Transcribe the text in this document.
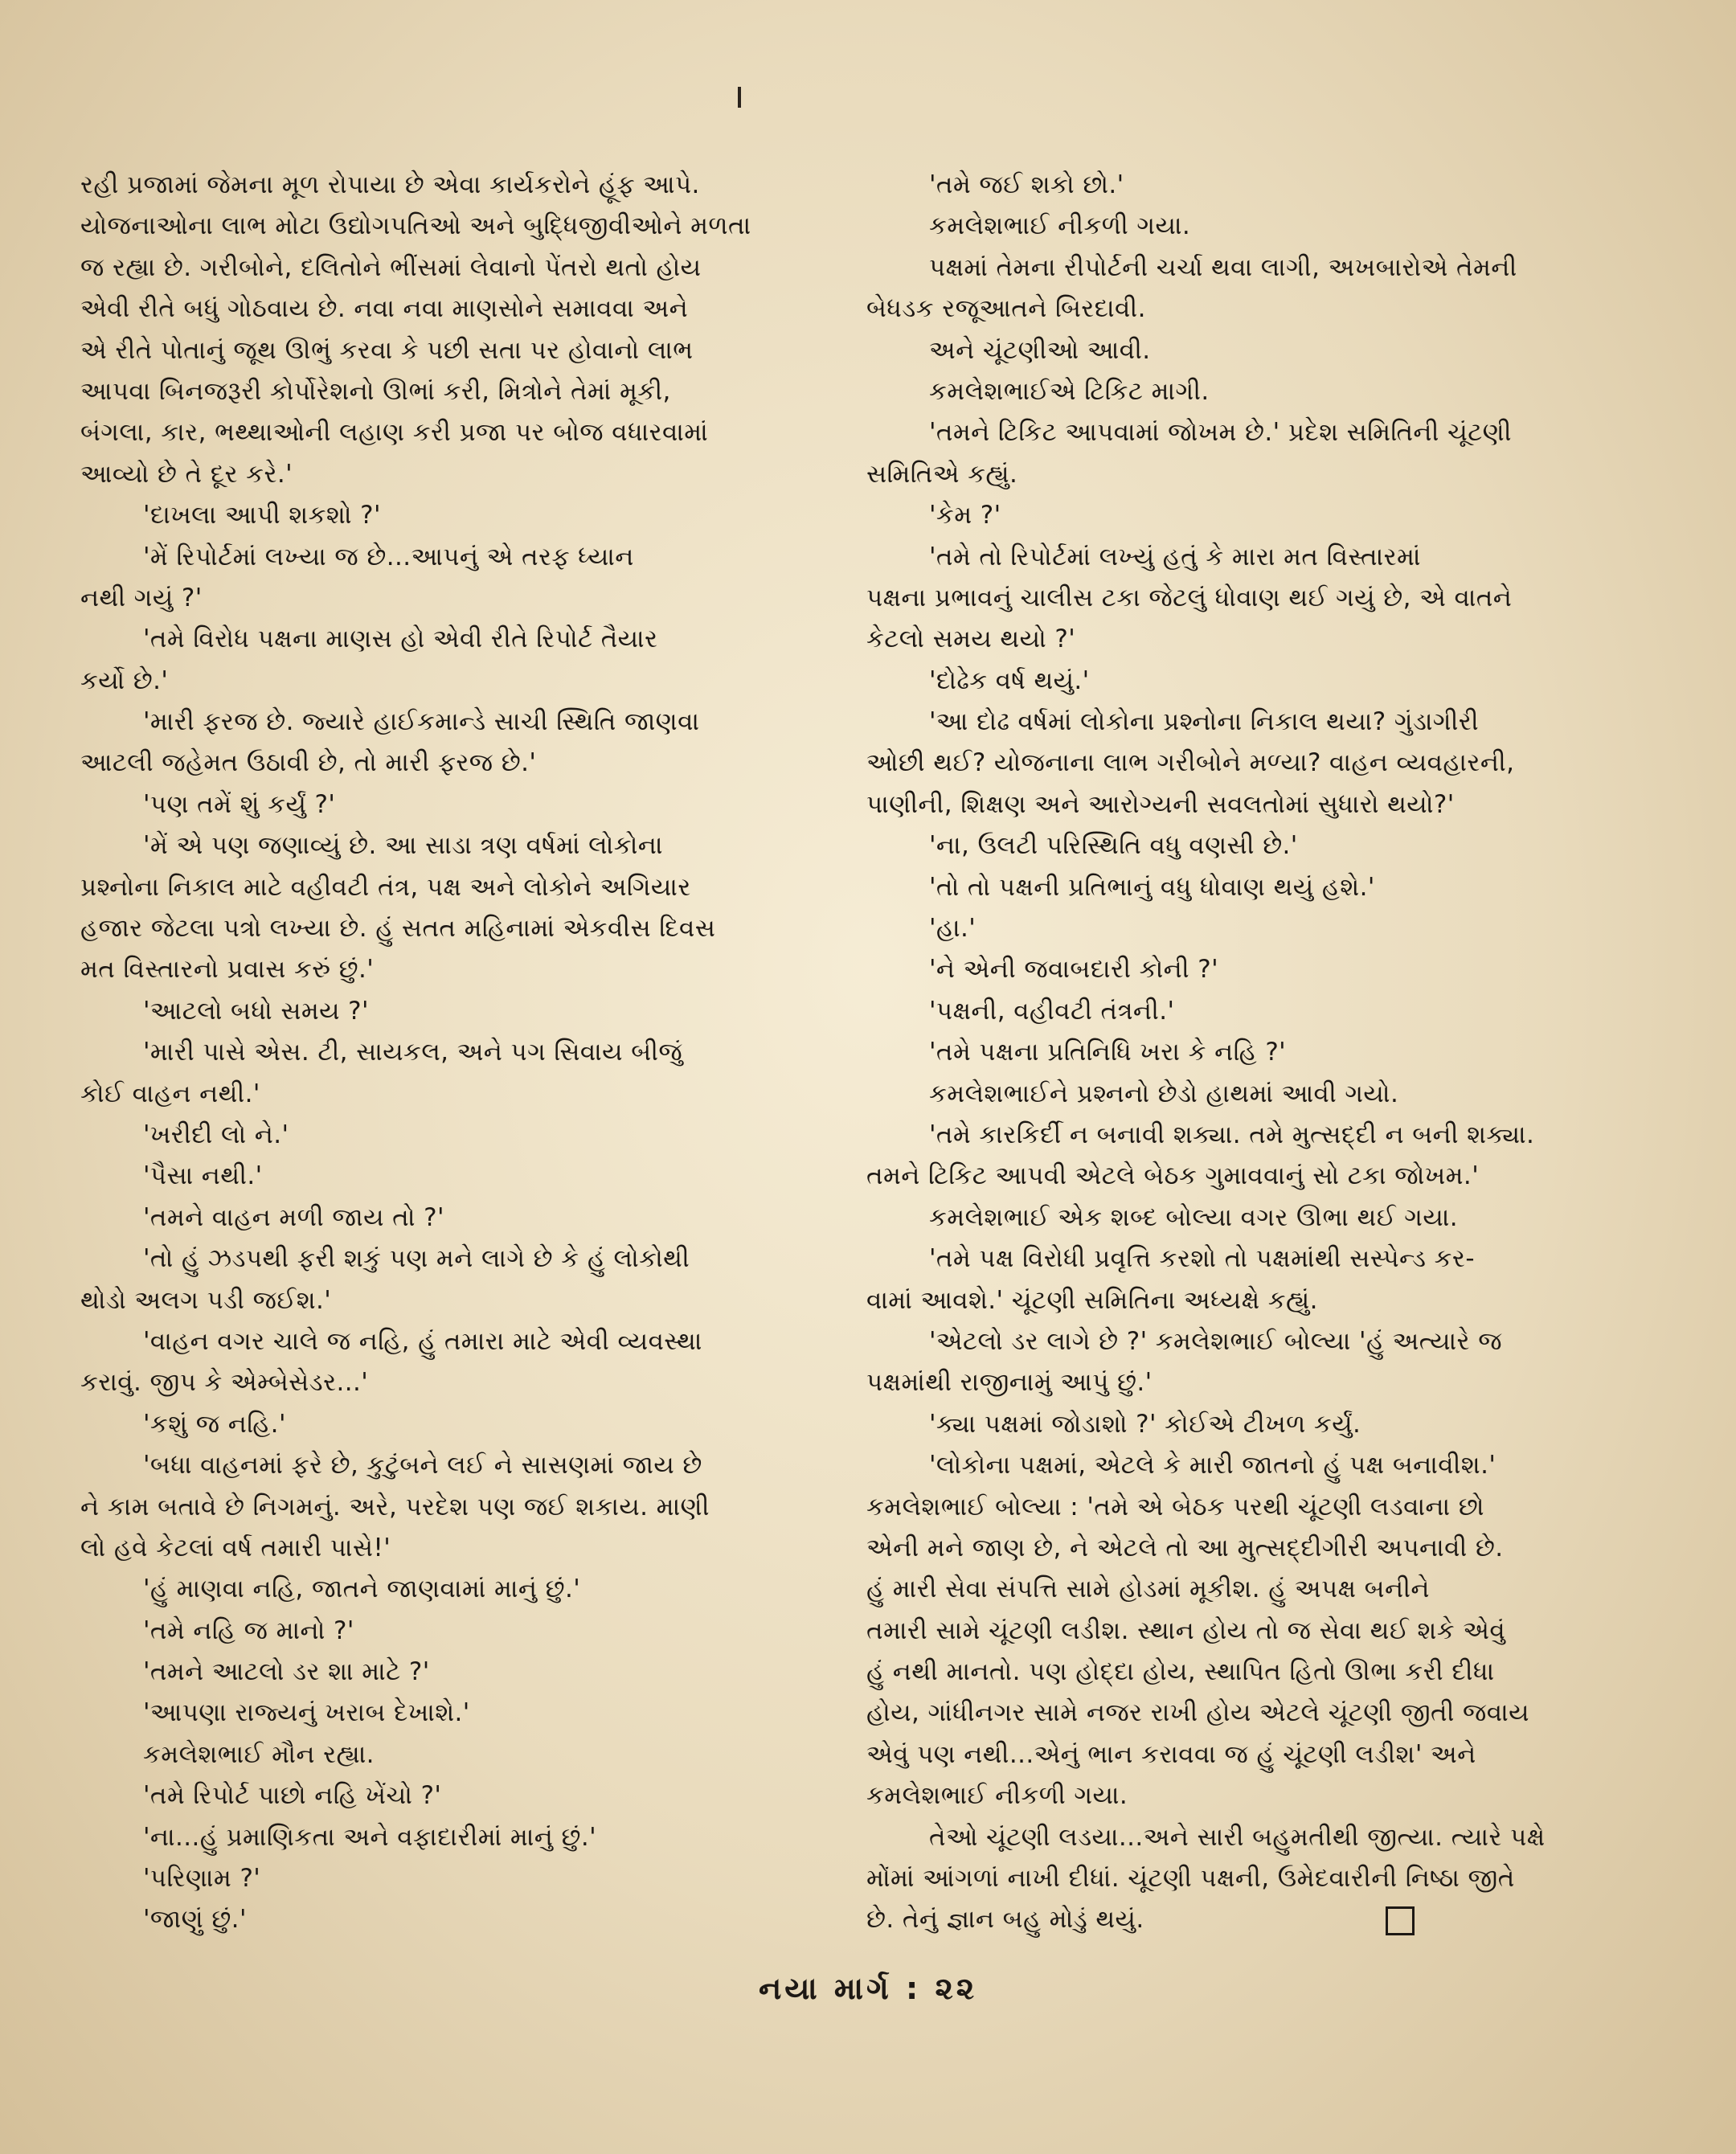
રહી પ્રજામાં જેમના મૂળ રોપાયા છે એવા કાર્યકરોને હૂંફ આપે.
યોજનાઓના લાભ મોટા ઉદ્યોગપતિઓ અને બુદ્ધિજીવીઓને મળતા
જ રહ્યા છે. ગરીબોને, દલિતોને ભીંસમાં લેવાનો પેંતરો થતો હોય
એવી રીતે બધું ગોઠવાય છે. નવા નવા માણસોને સમાવવા અને
એ રીતે પોતાનું જૂથ ઊભું કરવા કે પછી સતા પર હોવાનો લાભ
આપવા બિનજરૂરી કોર્પોરેશનો ઊભાં કરી, મિત્રોને તેમાં મૂકી,
બંગલા, કાર, ભથ્થાઓની લહાણ કરી પ્રજા પર બોજ વધારવામાં
આવ્યો છે તે દૂર કરે.'
'દાખલા આપી શકશો ?'
'મેં રિપોર્ટમાં લખ્યા જ છે...આપનું એ તરફ ધ્યાન
નથી ગયું ?'
'તમે વિરોધ પક્ષના માણસ હો એવી રીતે રિપોર્ટ તૈયાર
કર્યો છે.'
'મારી ફરજ છે. જ્યારે હાઈકમાન્ડે સાચી સ્થિતિ જાણવા
આટલી જહેમત ઉઠાવી છે, તો મારી ફરજ છે.'
'પણ તમેં શું કર્યું ?'
'મેં એ પણ જણાવ્યું છે. આ સાડા ત્રણ વર્ષમાં લોકોના
પ્રશ્નોના નિકાલ માટે વહીવટી તંત્ર, પક્ષ અને લોકોને અગિયાર
હજાર જેટલા પત્રો લખ્યા છે. હું સતત મહિનામાં એકવીસ દિવસ
મત વિસ્તારનો પ્રવાસ કરું છું.'
'આટલો બધો સમય ?'
'મારી પાસે એસ. ટી, સાયકલ, અને પગ સિવાય બીજું
કોઈ વાહન નથી.'
'ખરીદી લો ને.'
'પૈસા નથી.'
'તમને વાહન મળી જાય તો ?'
'તો હું ઝડપથી ફરી શકું પણ મને લાગે છે કે હું લોકોથી
થોડો અલગ પડી જઈશ.'
'વાહન વગર ચાલે જ નહિ, હું તમારા માટે એવી વ્યવસ્થા
કરાવું. જીપ કે એમ્બેસેડર...'
'કશું જ નહિ.'
'બધા વાહનમાં ફરે છે, કુટુંબને લઈ ને સાસણમાં જાય છે
ને કામ બતાવે છે નિગમનું. અરે, પરદેશ પણ જઈ શકાય. માણી
લો હવે કેટલાં વર્ષ તમારી પાસે!'
'હું માણવા નહિ, જાતને જાણવામાં માનું છું.'
'તમે નહિ જ માનો ?'
'તમને આટલો ડર શા માટે ?'
'આપણા રાજ્યનું ખરાબ દેખાશે.'
કમલેશભાઈ મૌન રહ્યા.
'તમે રિપોર્ટ પાછો નહિ ખેંચો ?'
'ના...હું પ્રમાણિકતા અને વફાદારીમાં માનું છું.'
'પરિણામ ?'
'જાણું છું.'
'તમે જઈ શકો છો.'
કમલેશભાઈ નીકળી ગયા.
પક્ષમાં તેમના રીપોર્ટની ચર્ચા થવા લાગી, અખબારોએ તેમની
બેધડક રજૂઆતને બિરદાવી.
અને ચૂંટણીઓ આવી.
કમલેશભાઈએ ટિકિટ માગી.
'તમને ટિકિટ આપવામાં જોખમ છે.' પ્રદેશ સમિતિની ચૂંટણી
સમિતિએ કહ્યું.
'કેમ ?'
'તમે તો રિપોર્ટમાં લખ્યું હતું કે મારા મત વિસ્તારમાં
પક્ષના પ્રભાવનું ચાલીસ ટકા જેટલું ધોવાણ થઈ ગયું છે, એ વાતને
કેટલો સમય થયો ?'
'દોઢેક વર્ષ થયું.'
'આ દોઢ વર્ષમાં લોકોના પ્રશ્નોના નિકાલ થયા? ગુંડાગીરી
ઓછી થઈ? યોજનાના લાભ ગરીબોને મળ્યા? વાહન વ્યવહારની,
પાણીની, શિક્ષણ અને આરોગ્યની સવલતોમાં સુધારો થયો?'
'ના, ઉલટી પરિસ્થિતિ વધુ વણસી છે.'
'તો તો પક્ષની પ્રતિભાનું વધુ ધોવાણ થયું હશે.'
'હા.'
'ને એની જવાબદારી કોની ?'
'પક્ષની, વહીવટી તંત્રની.'
'તમે પક્ષના પ્રતિનિધિ ખરા કે નહિ ?'
કમલેશભાઈને પ્રશ્નનો છેડો હાથમાં આવી ગયો.
'તમે કારકિર્દી ન બનાવી શક્યા. તમે મુત્સદ્દી ન બની શક્યા.
તમને ટિકિટ આપવી એટલે બેઠક ગુમાવવાનું સો ટકા જોખમ.'
કમલેશભાઈ એક શબ્દ બોલ્યા વગર ઊભા થઈ ગયા.
'તમે પક્ષ વિરોધી પ્રવૃત્તિ કરશો તો પક્ષમાંથી સસ્પેન્ડ કર-
વામાં આવશે.' ચૂંટણી સમિતિના અધ્યક્ષે કહ્યું.
'એટલો ડર લાગે છે ?' કમલેશભાઈ બોલ્યા 'હું અત્યારે જ
પક્ષમાંથી રાજીનામું આપું છું.'
'ક્યા પક્ષમાં જોડાશો ?' કોઈએ ટીખળ કર્યું.
'લોકોના પક્ષમાં, એટલે કે મારી જાતનો હું પક્ષ બનાવીશ.'
કમલેશભાઈ બોલ્યા : 'તમે એ બેઠક પરથી ચૂંટણી લડવાના છો
એની મને જાણ છે, ને એટલે તો આ મુત્સદ્દીગીરી અપનાવી છે.
હું મારી સેવા સંપત્તિ સામે હોડમાં મૂકીશ. હું અપક્ષ બનીને
તમારી સામે ચૂંટણી લડીશ. સ્થાન હોય તો જ સેવા થઈ શકે એવું
હું નથી માનતો. પણ હોદ્દા હોય, સ્થાપિત હિતો ઊભા કરી દીધા
હોય, ગાંધીનગર સામે નજર રાખી હોય એટલે ચૂંટણી જીતી જવાય
એવું પણ નથી...એનું ભાન કરાવવા જ હું ચૂંટણી લડીશ' અને
કમલેશભાઈ નીકળી ગયા.
તેઓ ચૂંટણી લડયા...અને સારી બહુમતીથી જીત્યા. ત્યારે પક્ષે
મોંમાં આંગળાં નાખી દીધાં. ચૂંટણી પક્ષની, ઉમેદવારીની નિષ્ઠા જીતે
છે. તેનું જ્ઞાન બહુ મોડું થયું.
નયા માર્ગ : ૨૨
